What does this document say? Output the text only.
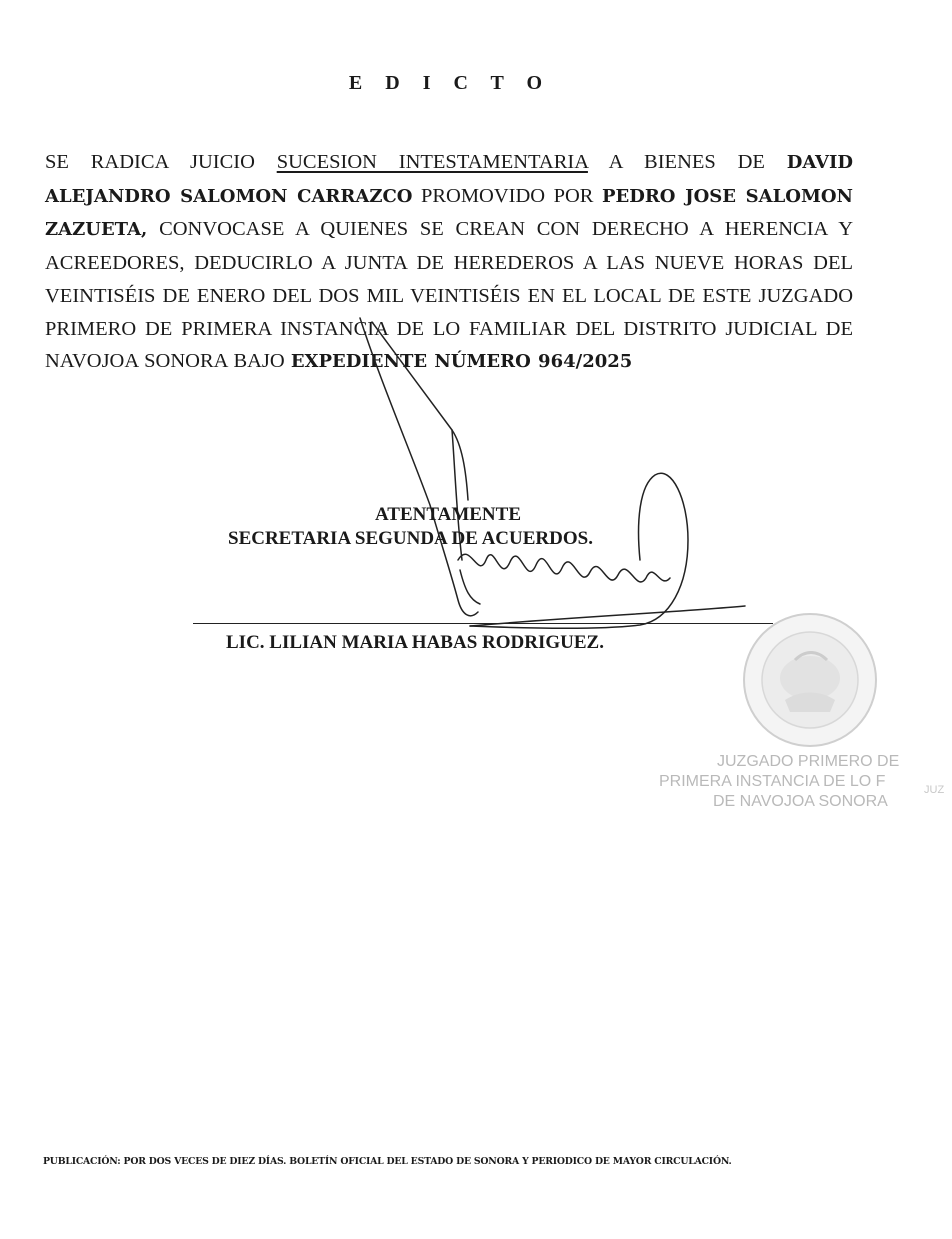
E D I C T O
SE RADICA JUICIO SUCESION INTESTAMENTARIA A BIENES DE DAVID ALEJANDRO SALOMON CARRAZCO PROMOVIDO POR PEDRO JOSE SALOMON ZAZUETA, CONVOCASE A QUIENES SE CREAN CON DERECHO A HERENCIA Y ACREEDORES, DEDUCIRLO A JUNTA DE HEREDEROS A LAS NUEVE HORAS DEL VEINTISÉIS DE ENERO DEL DOS MIL VEINTISÉIS EN EL LOCAL DE ESTE JUZGADO PRIMERO DE PRIMERA INSTANCIA DE LO FAMILIAR DEL DISTRITO JUDICIAL DE NAVOJOA SONORA BAJO EXPEDIENTE NÚMERO 964/2025
ATENTAMENTE
SECRETARIA SEGUNDA DE ACUERDOS.
LIC. LILIAN MARIA HABAS RODRIGUEZ.
JUZGADO PRIMERO DE
PRIMERA INSTANCIA DE LO F
DE NAVOJOA SONORA
JUZ
PUBLICACIÓN: POR DOS VECES DE DIEZ DÍAS. BOLETÍN OFICIAL DEL ESTADO DE SONORA Y PERIODICO DE MAYOR CIRCULACIÓN.
